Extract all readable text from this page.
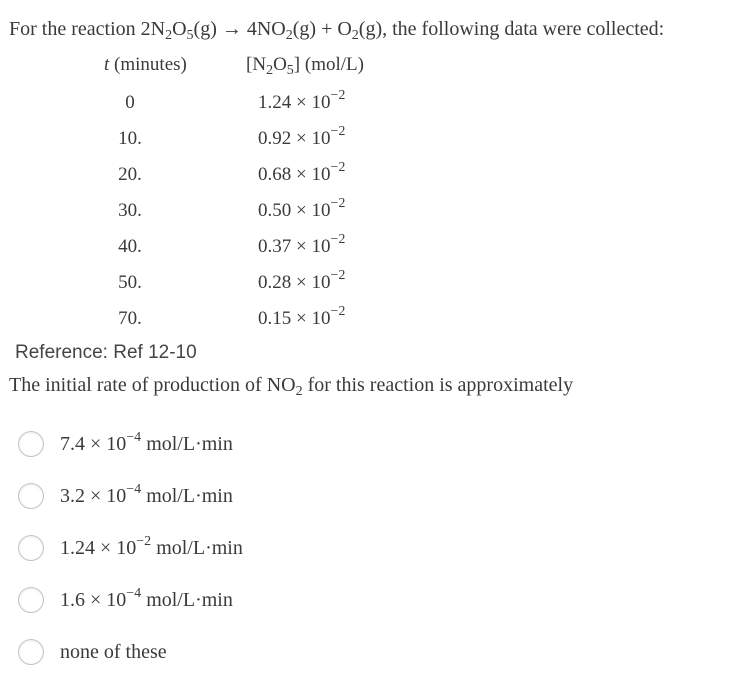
For the reaction $2N_2O_5(g) \to 4NO_2(g) + O_2(g)$, the following data were collected:
t (minutes)	$[N_2O_5]$ (mol/L)
0	$1.24 \times 10^{-2}$
10.	$0.92 \times 10^{-2}$
20.	$0.68 \times 10^{-2}$
30.	$0.50 \times 10^{-2}$
40.	$0.37 \times 10^{-2}$
50.	$0.28 \times 10^{-2}$
70.	$0.15 \times 10^{-2}$
Reference: Ref 12-10
The initial rate of production of $NO_2$ for this reaction is approximately
$7.4 \times 10^{-4}$ mol/L·min
$3.2 \times 10^{-4}$ mol/L·min
$1.24 \times 10^{-2}$ mol/L·min
$1.6 \times 10^{-4}$ mol/L·min
none of these
